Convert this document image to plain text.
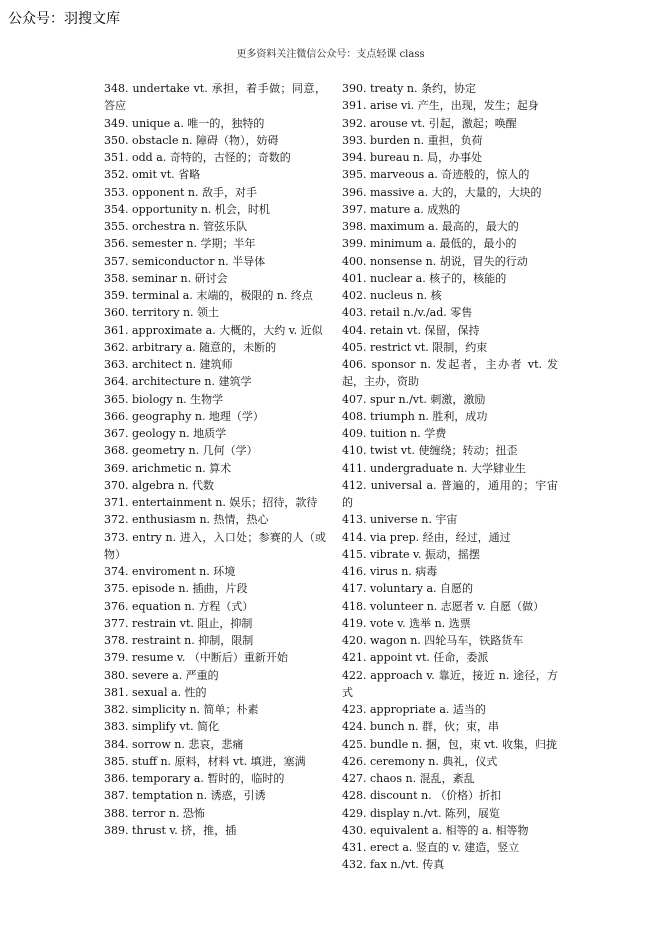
公众号：羽搜文库
更多资料关注微信公众号：支点轻课 class

348. undertake vt. 承担，着手做；同意，答应

349. unique a. 唯一的，独特的

350. obstacle n. 障碍（物），妨碍

351. odd a. 奇特的，古怪的；奇数的

352. omit vt. 省略

353. opponent n. 敌手，对手

354. opportunity n. 机会，时机

355. orchestra n. 管弦乐队

356. semester n. 学期；半年

357. semiconductor n. 半导体

358. seminar n. 研讨会

359. terminal a. 末端的，极限的 n. 终点

360. territory n. 领土

361. approximate a. 大概的，大约 v. 近似

362. arbitrary a. 随意的，未断的

363. architect n. 建筑师

364. architecture n. 建筑学

365. biology n. 生物学

366. geography n. 地理（学）

367. geology n. 地质学

368. geometry n. 几何（学）

369. arichmetic n. 算术

370. algebra n. 代数

371. entertainment n. 娱乐；招待，款待

372. enthusiasm n. 热情，热心

373. entry n. 进入，入口处；参赛的人（或物）

374. enviroment n. 环境

375. episode n. 插曲，片段

376. equation n. 方程（式）

377. restrain vt. 阻止，抑制

378. restraint n. 抑制，限制

379. resume v. （中断后）重新开始

380. severe a. 严重的

381. sexual a. 性的

382. simplicity n. 简单；朴素

383. simplify vt. 简化

384. sorrow n. 悲哀，悲痛

385. stuff n. 原料，材料 vt. 填进，塞满

386. temporary a. 暂时的，临时的

387. temptation n. 诱惑，引诱

388. terror n. 恐怖

389. thrust v. 挤，推，插

390. treaty n. 条约，协定

391. arise vi. 产生，出现，发生；起身

392. arouse vt. 引起，激起；唤醒

393. burden n. 重担，负荷

394. bureau n. 局，办事处

395. marveous a. 奇迹般的，惊人的

396. massive a. 大的，大量的，大块的

397. mature a. 成熟的

398. maximum a. 最高的，最大的

399. minimum a. 最低的，最小的

400. nonsense n. 胡说，冒失的行动

401. nuclear a. 核子的，核能的

402. nucleus n. 核

403. retail n./v./ad. 零售

404. retain vt. 保留，保持

405. restrict vt. 限制，约束

406. sponsor n. 发起者，主办者 vt. 发起，主办，资助

407. spur n./vt. 刺激，激励

408. triumph n. 胜利，成功

409. tuition n. 学费

410. twist vt. 使缠绕；转动；扭歪

411. undergraduate n. 大学肄业生

412. universal a. 普遍的，通用的；宇宙的

413. universe n. 宇宙

414. via prep. 经由，经过，通过

415. vibrate v. 振动，摇摆

416. virus n. 病毒

417. voluntary a. 自愿的

418. volunteer n. 志愿者 v. 自愿（做）

419. vote v. 选举 n. 选票

420. wagon n. 四轮马车，铁路货车

421. appoint vt. 任命，委派

422. approach v. 靠近，接近 n. 途径，方式

423. appropriate a. 适当的

424. bunch n. 群，伙；束，串

425. bundle n. 捆，包，束 vt. 收集，归拢

426. ceremony n. 典礼，仪式

427. chaos n. 混乱，紊乱

428. discount n. （价格）折扣

429. display n./vt. 陈列，展览

430. equivalent a. 相等的 a. 相等物

431. erect a. 竖直的 v. 建造，竖立

432. fax n./vt. 传真
